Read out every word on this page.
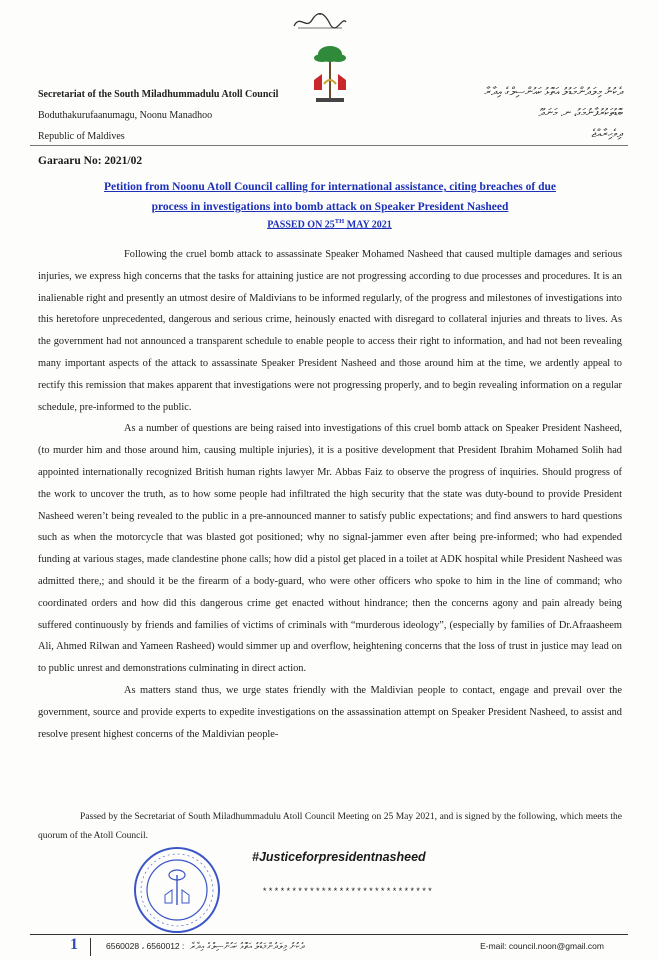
Secretariat of the South Miladhummadulu Atoll Council
Boduthakurufaanumagu, Noonu Manadhoo
Republic of Maldives
ދެކުނު މިލަދުންމަޑުލު އަތޮޅު ކައުންސިލްގެ އިދާރާ
ބޮޑުތަކުރުފާނުމަގު، ނ. މަނަދޫ
ދިވެހިރާއްޖެ
Garaaru No: 2021/02
Petition from Noonu Atoll Council calling for international assistance, citing breaches of due
process in investigations into bomb attack on Speaker President Nasheed
PASSED ON 25TH MAY 2021

Following the cruel bomb attack to assassinate Speaker Mohamed Nasheed that caused multiple damages and serious injuries, we express high concerns that the tasks for attaining justice are not progressing according to due processes and procedures. It is an inalienable right and presently an utmost desire of Maldivians to be informed regularly, of the progress and milestones of investigations into this heretofore unprecedented, dangerous and serious crime, heinously enacted with disregard to collateral injuries and threats to lives. As the government had not announced a transparent schedule to enable people to access their right to information, and had not been revealing many important aspects of the attack to assassinate Speaker President Nasheed and those around him at the time, we ardently appeal to rectify this remission that makes apparent that investigations were not progressing properly, and to begin revealing information on a regular schedule, pre-informed to the public.

As a number of questions are being raised into investigations of this cruel bomb attack on Speaker President Nasheed, (to murder him and those around him, causing multiple injuries), it is a positive development that President Ibrahim Mohamed Solih had appointed internationally recognized British human rights lawyer Mr. Abbas Faiz to observe the progress of inquiries. Should progress of the work to uncover the truth, as to how some people had infiltrated the high security that the state was duty-bound to provide President Nasheed weren’t being revealed to the public in a pre-announced manner to satisfy public expectations; and find answers to hard questions such as when the motorcycle that was blasted got positioned; why no signal-jammer even after being pre-informed; who had expended funding at various stages, made clandestine phone calls; how did a pistol get placed in a toilet at ADK hospital while President Nasheed was admitted there,; and should it be the firearm of a body-guard, who were other officers who spoke to him in the line of command; who coordinated orders and how did this dangerous crime get enacted without hindrance; then the concerns agony and pain already being suffered continuously by friends and families of victims of criminals with “murderous ideology”, (especially by families of Dr.Afraasheem Ali, Ahmed Rilwan and Yameen Rasheed) would simmer up and overflow, heightening concerns that the loss of trust in justice may lead on to public unrest and demonstrations culminating in direct action.

As matters stand thus, we urge states friendly with the Maldivian people to contact, engage and prevail over the government, source and provide experts to expedite investigations on the assassination attempt on Speaker President Nasheed, to assist and resolve present highest concerns of the Maldivian people-

Passed by the Secretariat of South Miladhummadulu Atoll Council Meeting on 25 May 2021, and is signed by the following, which meets the quorum of the Atoll Council.

#Justiceforpresidentnasheed
*****************************
1	6560028 ، 6560012 : ދެކުނު މިލަދުންމަޑުލު އަތޮޅު ކައުންސިލްގެ އިދާރާ	E-mail: council.noon@gmail.com
